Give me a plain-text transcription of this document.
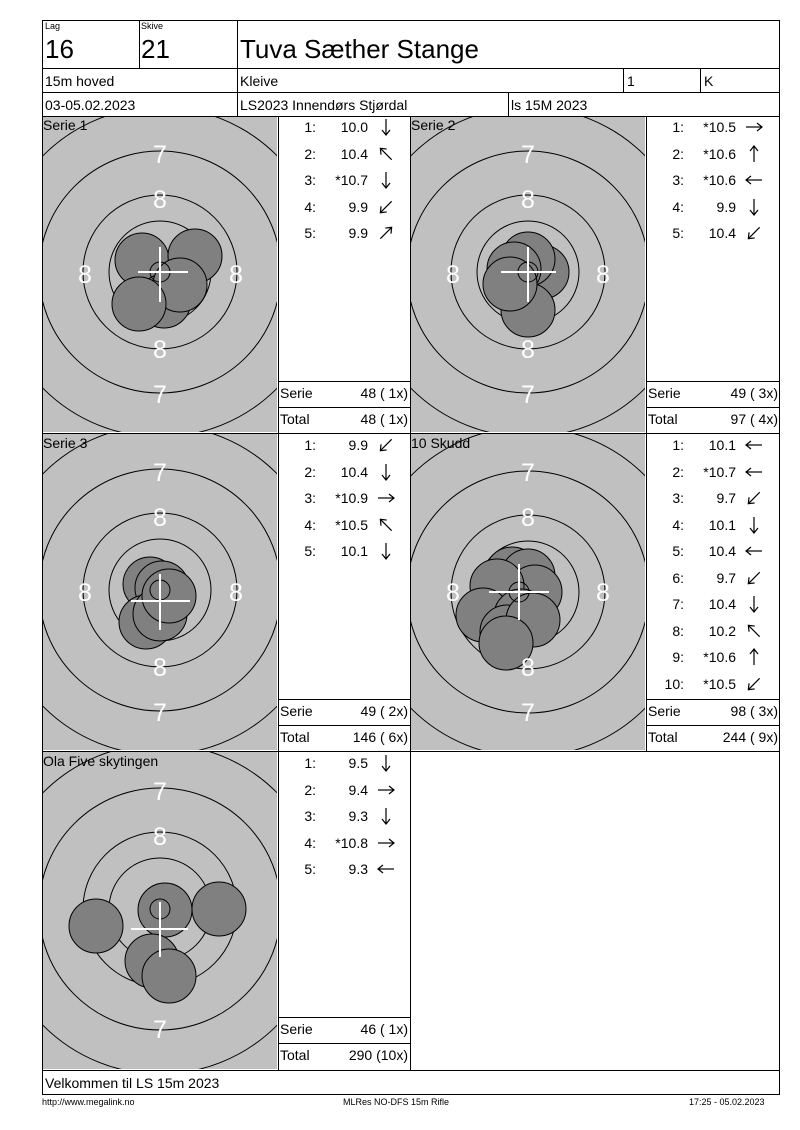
Lag
16
Skive
21	Tuva Sæther Stange
15m hoved	Kleive	1	K
03-05.02.2023	LS2023 Innendørs Stjørdal	ls 15M 2023
7
8
8	8
8
7
7
8
8	8
8
7
7
8
8	8
8
7
7
8
8	8
8
7
7
8
7
Serie 1	Serie 2
Serie 3	10 Skudd
Ola Five skytingen
1:	10.0
2:	10.4
3:	*10.7
4:	9.9
5:	9.9
1:	*10.5
2:	*10.6
3:	*10.6
4:	9.9
5:	10.4
1:	9.9
2:	10.4
3:	*10.9
4:	*10.5
5:	10.1
1:	10.1
2:	*10.7
3:	9.7
4:	10.1
5:	10.4
6:	9.7
7:	10.4
8:	10.2
9:	*10.6
10:	*10.5
1:	9.5
2:	9.4
3:	9.3
4:	*10.8
5:	9.3
Serie	48 ( 1x)
Total	48 ( 1x)
Serie	49 ( 3x)
Total	97 ( 4x)
Serie	49 ( 2x)
Total	146 ( 6x)
Serie	98 ( 3x)
Total	244 ( 9x)
Serie	46 ( 1x)
Total	290 (10x)
Velkommen til LS 15m 2023
http://www.megalink.no	MLRes NO-DFS 15m Rifle	17:25 - 05.02.2023
